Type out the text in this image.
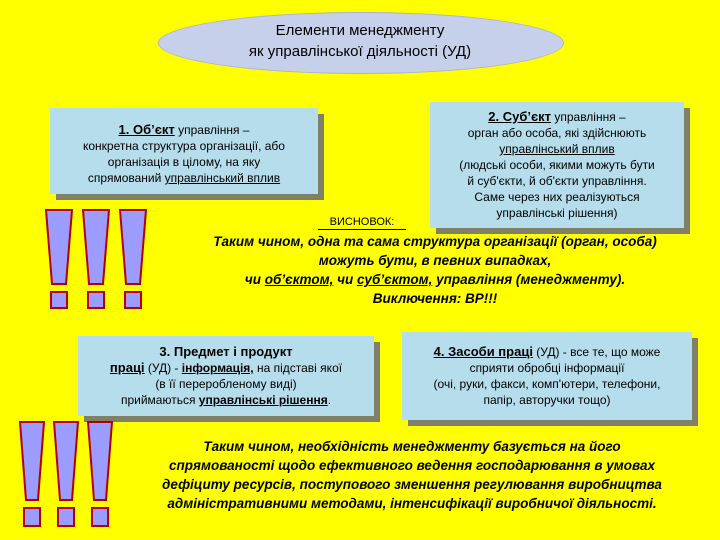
Елементи менеджменту
як управлінської діяльності (УД)
1. Об’єкт управління –
конкретна структура організації, або
організація в цілому, на яку
спрямований управлінський вплив
2. Суб’єкт управління –
орган або особа, які здійснюють
управлінський вплив
(людські особи, якими можуть бути
й суб'єкти, й об'єкти управління.
Саме через них реалізуються
управлінські рішення)
ВИСНОВОК:
Таким чином, одна та сама структура організації (орган, особа)
можуть бути, в певних випадках,
чи об’єктом, чи суб’єктом, управління (менеджменту).
Виключення: ВР!!!
3. Предмет і продукт
праці (УД) - інформація, на підставі якої
(в її переробленому виді)
приймаються управлінські рішення.
4. Засоби праці (УД) - все те, що може
сприяти обробці інформації
(очі, руки, факси, комп'ютери, телефони,
папір, авторучки тощо)
Таким чином, необхідність менеджменту базується на його
спрямованості щодо ефективного ведення господарювання в умовах
дефіциту ресурсів, поступового зменшення регулювання виробництва
адміністративними методами, інтенсифікації виробничої діяльності.
